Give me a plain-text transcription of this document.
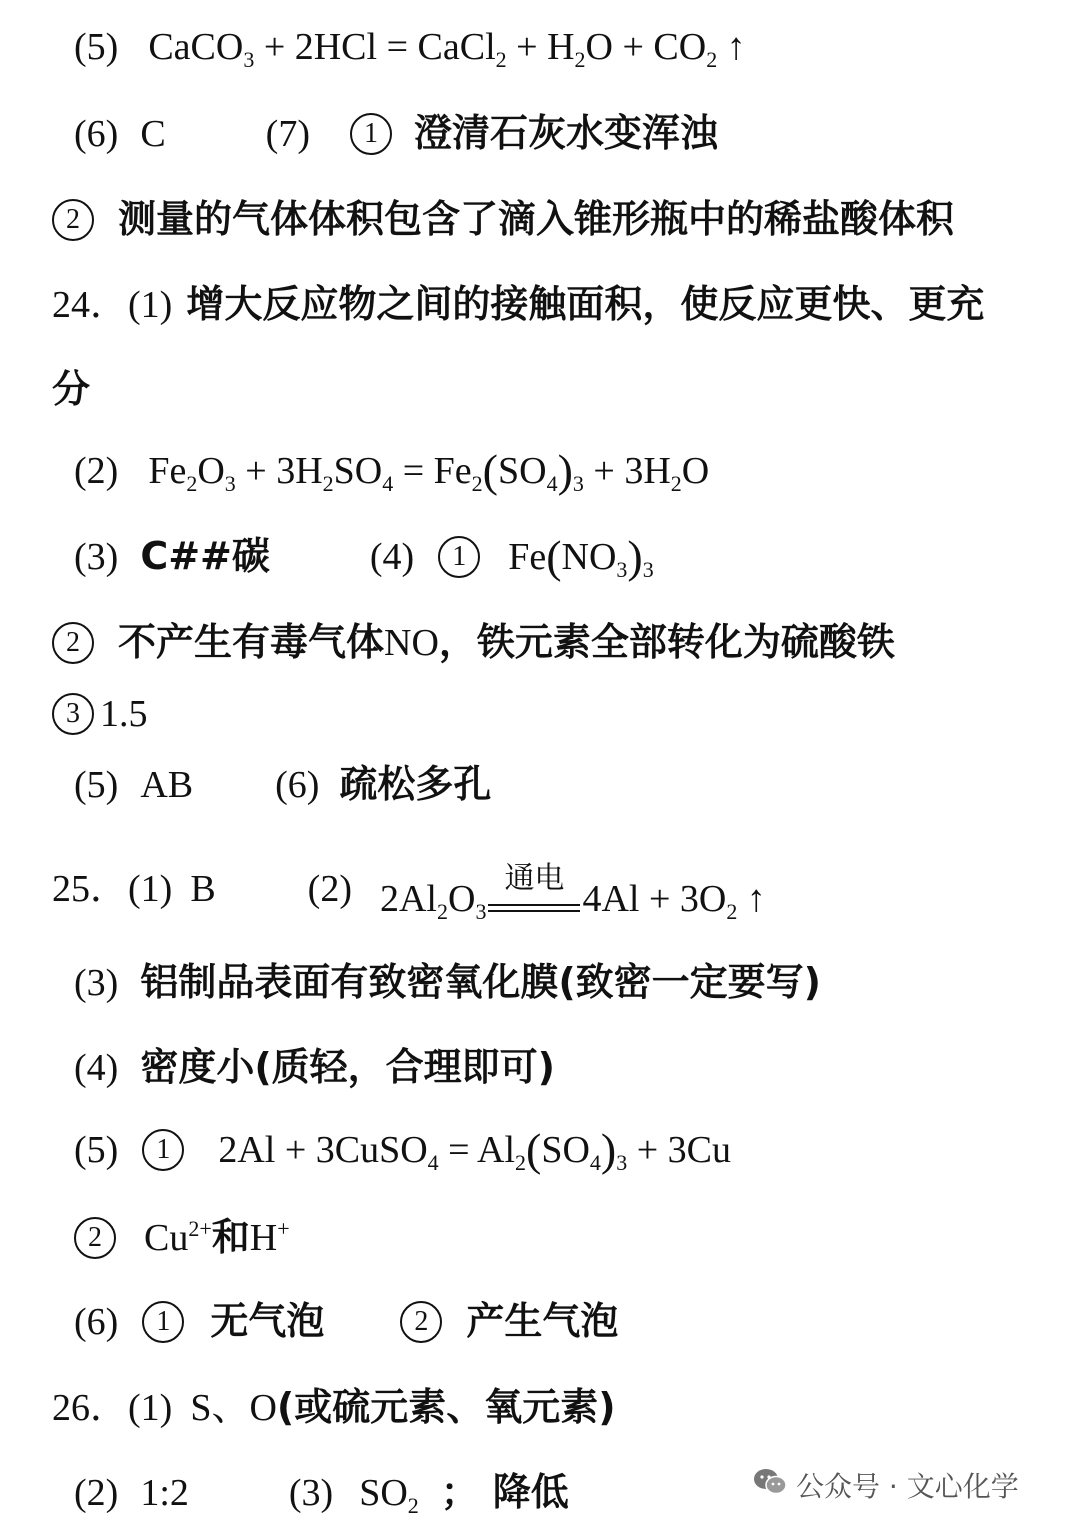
(5) CaCO$_3$ + 2HCl = CaCl$_2$ + $H_2O + CO_2$ ↑
(6) C	(7) 1 澄清石灰水变浑浊
2 测量的气体体积包含了滴入锥形瓶中的稀盐酸体积
24．(1) 增大反应物之间的接触面积，使反应更快、更充
分
(2) $Fe_2O_3 + 3H_2SO_4 = Fe_2(SO_4)_3 + 3H_2O$
(3) C##碳	(4) 1 $Fe(NO_3)_3$
2 不产生有毒气体NO，铁元素全部转化为硫酸铁
3 1.5
(5) AB (6) 疏松多孔
25．(1) B (2) $2Al_2O_3$
通电 $4Al + 3O_2$ ↑
(3) 铝制品表面有致密氧化膜(致密一定要写)
(4) 密度小(质轻，合理即可)
(5) 1 2Al + 3CuSO$_4$ = $Al_2(SO_4)_3 + 3Cu$
2 $Cu^{2+}$和H+
(6) 1 无气泡	2 产生气泡
26．(1) S、O(或硫元素、氧元素)
(2) 1:2	(3) $SO_2$ ； 降低	公众号 · 文心化学
